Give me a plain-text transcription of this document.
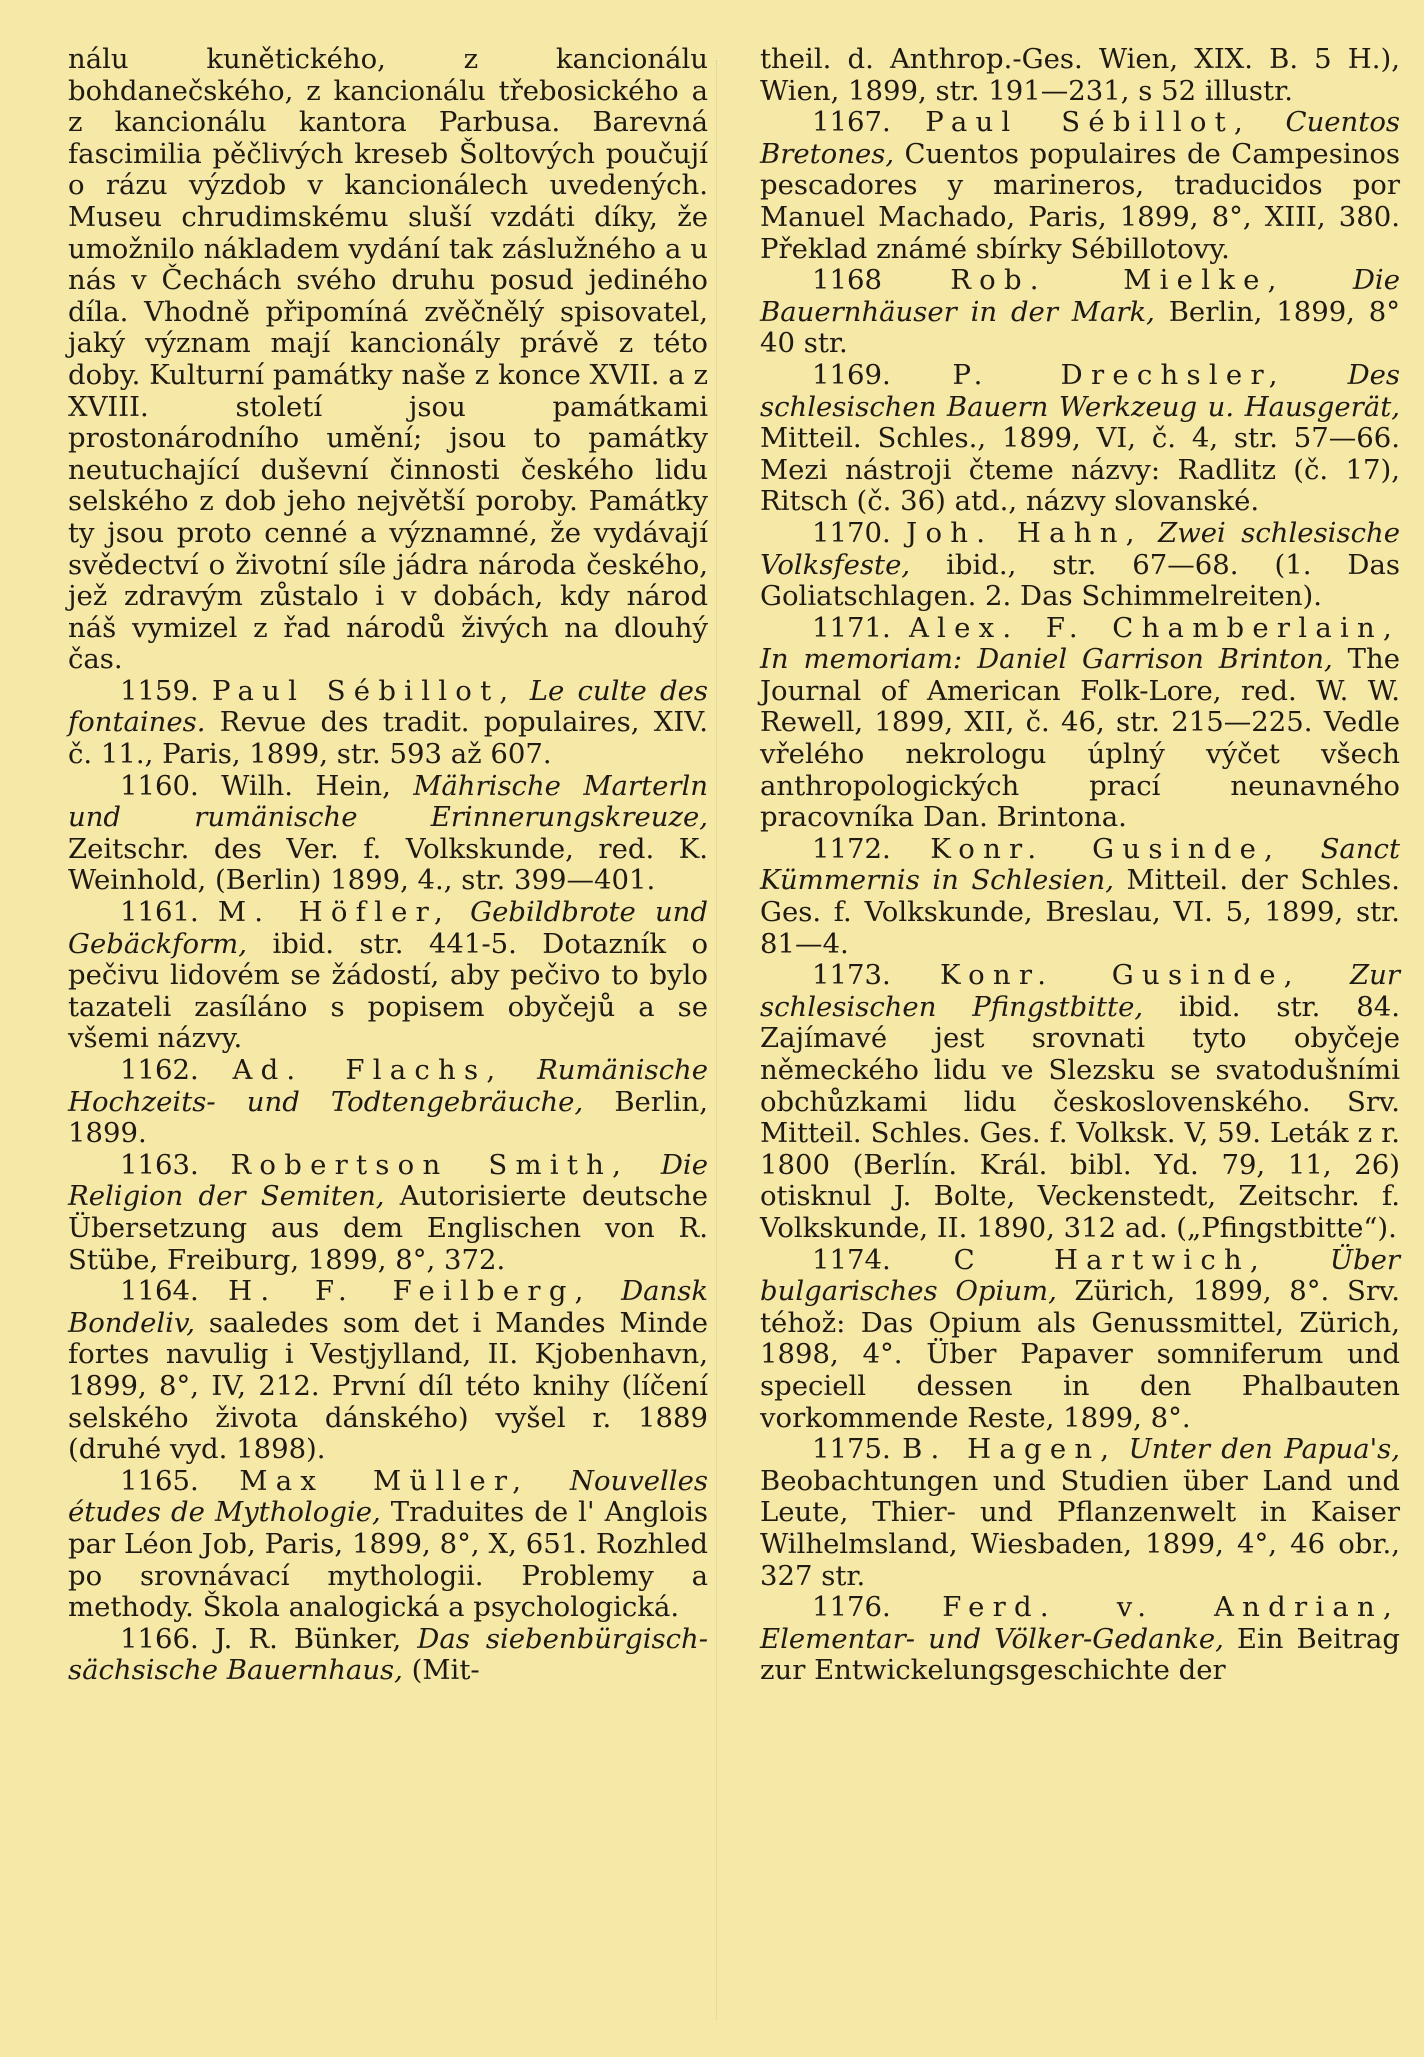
nálu kunětického, z kancionálu bohdanečského, z kancionálu třebosického a z kancionálu kantora Parbusa. Barevná fascimilia pěčlivých kreseb Šoltových poučují o rázu výzdob v kancionálech uvedených. Museu chrudimskému sluší vzdáti díky, že umožnilo nákladem vydání tak záslužného a u nás v Čechách svého druhu posud jediného díla. Vhodně připomíná zvěčnělý spisovatel, jaký význam mají kancionály právě z této doby. Kulturní památky naše z konce XVII. a z XVIII. století jsou památkami prostonárodního umění; jsou to památky neutuchající duševní činnosti českého lidu selského z dob jeho největší poroby. Památky ty jsou proto cenné a významné, že vydávají svědectví o životní síle jádra národa českého, jež zdravým zůstalo i v dobách, kdy národ náš vymizel z řad národů živých na dlouhý čas.

1159. Paul Sébillot, Le culte des fontaines. Revue des tradit. populaires, XIV. č. 11., Paris, 1899, str. 593 až 607.

1160. Wilh. Hein, Mährische Marterln und rumänische Erinnerungskreuze, Zeitschr. des Ver. f. Volkskunde, red. K. Weinhold, (Berlin) 1899, 4., str. 399—401.

1161. M. Höfler, Gebildbrote und Gebäckform, ibid. str. 441-5. Dotazník o pečivu lidovém se žádostí, aby pečivo to bylo tazateli zasíláno s popisem obyčejů a se všemi názvy.

1162. Ad. Flachs, Rumänische Hochzeits- und Todtengebräuche, Berlin, 1899.

1163. Robertson Smith, Die Religion der Semiten, Autorisierte deutsche Übersetzung aus dem Englischen von R. Stübe, Freiburg, 1899, 8°, 372.

1164. H. F. Feilberg, Dansk Bondeliv, saaledes som det i Mandes Minde fortes navulig i Vestjylland, II. Kjobenhavn, 1899, 8°, IV, 212. První díl této knihy (líčení selského života dánského) vyšel r. 1889 (druhé vyd. 1898).

1165. Max Müller, Nouvelles études de Mythologie, Traduites de l' Anglois par Léon Job, Paris, 1899, 8°, X, 651. Rozhled po srovnávací mythologii. Problemy a methody. Škola analogická a psychologická.

1166. J. R. Bünker, Das siebenbürgisch-sächsische Bauernhaus, (Mit-

theil. d. Anthrop.-Ges. Wien, XIX. B. 5 H.), Wien, 1899, str. 191—231, s 52 illustr.

1167. Paul Sébillot, Cuentos Bretones, Cuentos populaires de Campesinos pescadores y marineros, traducidos por Manuel Machado, Paris, 1899, 8°, XIII, 380. Překlad známé sbírky Sébillotovy.

1168 Rob. Mielke, Die Bauernhäuser in der Mark, Berlin, 1899, 8° 40 str.

1169. P. Drechsler, Des schlesischen Bauern Werkzeug u. Hausgerät, Mitteil. Schles., 1899, VI, č. 4, str. 57—66. Mezi nástroji čteme názvy: Radlitz (č. 17), Ritsch (č. 36) atd., názvy slovanské.

1170. Joh. Hahn, Zwei schlesische Volksfeste, ibid., str. 67—68. (1. Das Goliatschlagen. 2. Das Schimmelreiten).

1171. Alex. F. Chamberlain, In memoriam: Daniel Garrison Brinton, The Journal of American Folk-Lore, red. W. W. Rewell, 1899, XII, č. 46, str. 215—225. Vedle vřelého nekrologu úplný výčet všech anthropologických prací neunavného pracovníka Dan. Brintona.

1172. Konr. Gusinde, Sanct Kümmernis in Schlesien, Mitteil. der Schles. Ges. f. Volkskunde, Breslau, VI. 5, 1899, str. 81—4.

1173. Konr. Gusinde, Zur schlesischen Pfingstbitte, ibid. str. 84. Zajímavé jest srovnati tyto obyčeje německého lidu ve Slezsku se svatodušními obchůzkami lidu československého. Srv. Mitteil. Schles. Ges. f. Volksk. V, 59. Leták z r. 1800 (Berlín. Král. bibl. Yd. 79, 11, 26) otisknul J. Bolte, Veckenstedt, Zeitschr. f. Volkskunde, II. 1890, 312 ad. („Pfingstbitte“).

1174. C Hartwich, Über bulgarisches Opium, Zürich, 1899, 8°. Srv. téhož: Das Opium als Genussmittel, Zürich, 1898, 4°. Über Papaver somniferum und speciell dessen in den Phalbauten vorkommende Reste, 1899, 8°.

1175. B. Hagen, Unter den Papua's, Beobachtungen und Studien über Land und Leute, Thier- und Pflanzenwelt in Kaiser Wilhelmsland, Wiesbaden, 1899, 4°, 46 obr., 327 str.

1176. Ferd. v. Andrian, Elementar- und Völker-Gedanke, Ein Beitrag zur Entwickelungsgeschichte der
